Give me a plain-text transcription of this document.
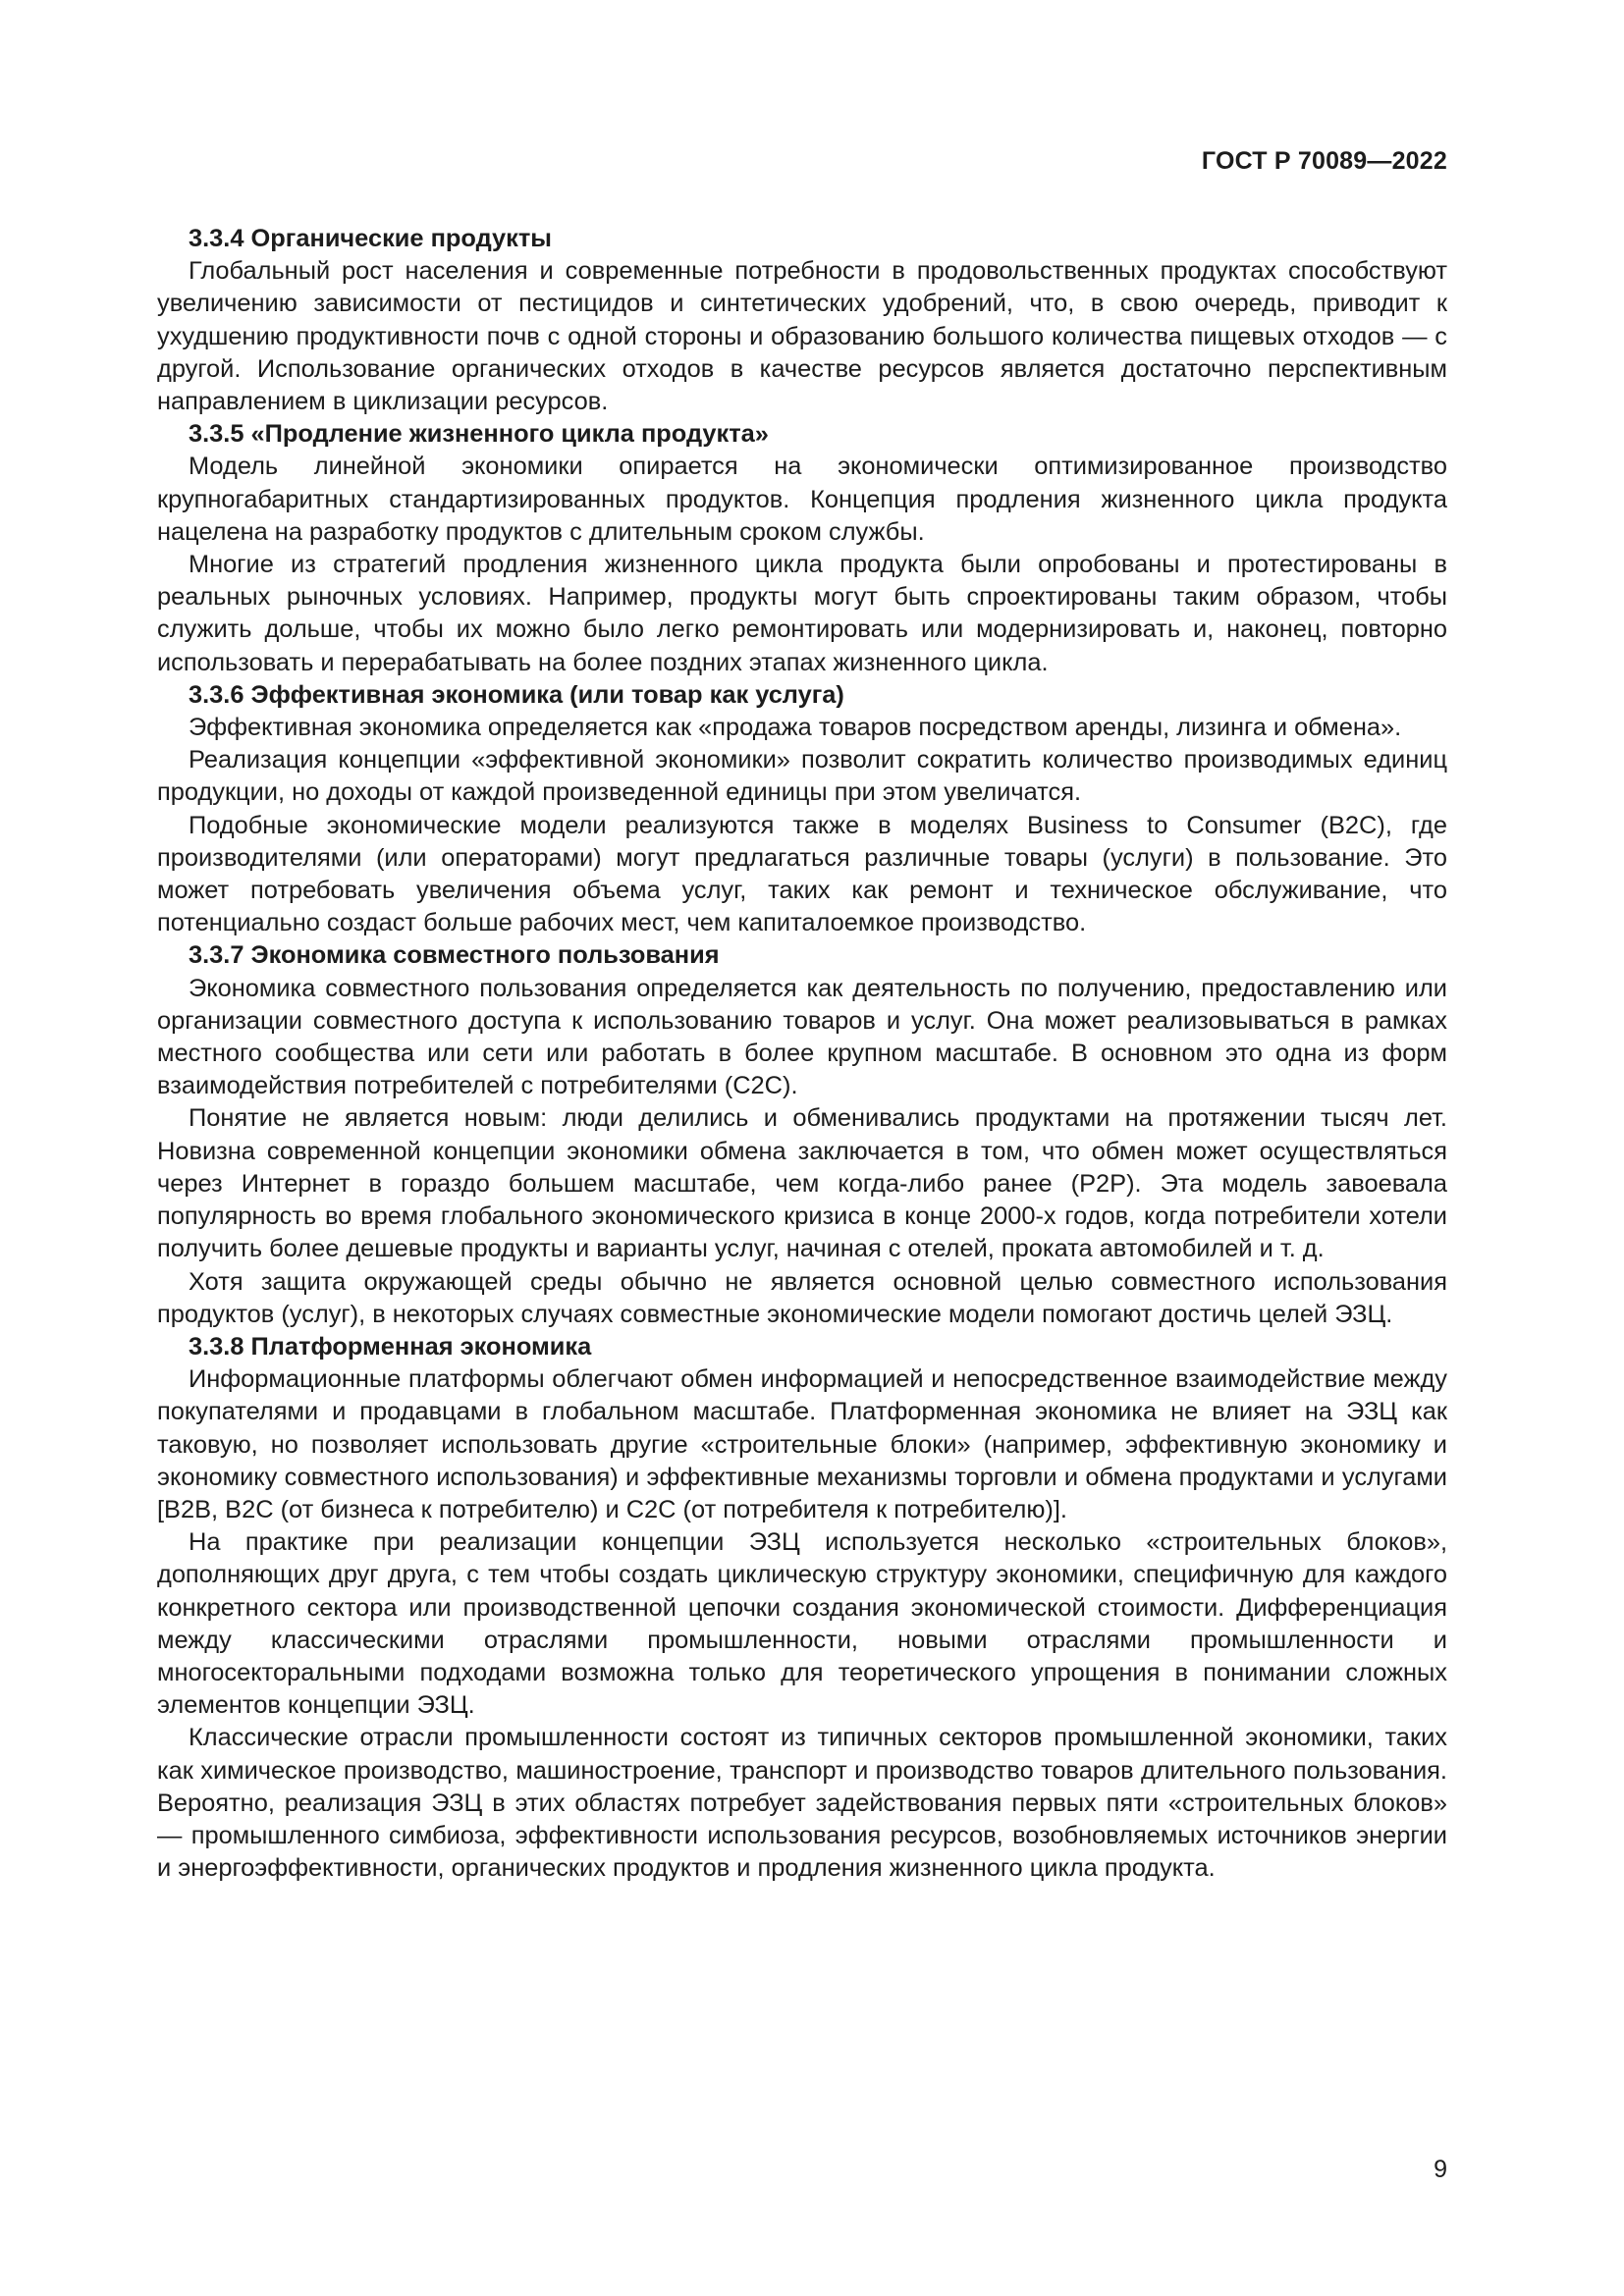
ГОСТ Р 70089—2022
3.3.4 Органические продукты

Глобальный рост населения и современные потребности в продовольственных продуктах способствуют увеличению зависимости от пестицидов и синтетических удобрений, что, в свою очередь, приводит к ухудшению продуктивности почв с одной стороны и образованию большого количества пищевых отходов — с другой. Использование органических отходов в качестве ресурсов является достаточно перспективным направлением в циклизации ресурсов.

3.3.5 «Продление жизненного цикла продукта»

Модель линейной экономики опирается на экономически оптимизированное производство крупногабаритных стандартизированных продуктов. Концепция продления жизненного цикла продукта нацелена на разработку продуктов с длительным сроком службы.

Многие из стратегий продления жизненного цикла продукта были опробованы и протестированы в реальных рыночных условиях. Например, продукты могут быть спроектированы таким образом, чтобы служить дольше, чтобы их можно было легко ремонтировать или модернизировать и, наконец, повторно использовать и перерабатывать на более поздних этапах жизненного цикла.

3.3.6 Эффективная экономика (или товар как услуга)

Эффективная экономика определяется как «продажа товаров посредством аренды, лизинга и обмена».

Реализация концепции «эффективной экономики» позволит сократить количество производимых единиц продукции, но доходы от каждой произведенной единицы при этом увеличатся.

Подобные экономические модели реализуются также в моделях Business to Consumer (B2C), где производителями (или операторами) могут предлагаться различные товары (услуги) в пользование. Это может потребовать увеличения объема услуг, таких как ремонт и техническое обслуживание, что потенциально создаст больше рабочих мест, чем капиталоемкое производство.

3.3.7 Экономика совместного пользования

Экономика совместного пользования определяется как деятельность по получению, предоставлению или организации совместного доступа к использованию товаров и услуг. Она может реализовываться в рамках местного сообщества или сети или работать в более крупном масштабе. В основном это одна из форм взаимодействия потребителей с потребителями (C2C).

Понятие не является новым: люди делились и обменивались продуктами на протяжении тысяч лет. Новизна современной концепции экономики обмена заключается в том, что обмен может осуществляться через Интернет в гораздо большем масштабе, чем когда-либо ранее (P2P). Эта модель завоевала популярность во время глобального экономического кризиса в конце 2000-х годов, когда потребители хотели получить более дешевые продукты и варианты услуг, начиная с отелей, проката автомобилей и т. д.

Хотя защита окружающей среды обычно не является основной целью совместного использования продуктов (услуг), в некоторых случаях совместные экономические модели помогают достичь целей ЭЗЦ.

3.3.8 Платформенная экономика

Информационные платформы облегчают обмен информацией и непосредственное взаимодействие между покупателями и продавцами в глобальном масштабе. Платформенная экономика не влияет на ЭЗЦ как таковую, но позволяет использовать другие «строительные блоки» (например, эффективную экономику и экономику совместного использования) и эффективные механизмы торговли и обмена продуктами и услугами [B2B, B2C (от бизнеса к потребителю) и C2C (от потребителя к потребителю)].

На практике при реализации концепции ЭЗЦ используется несколько «строительных блоков», дополняющих друг друга, с тем чтобы создать циклическую структуру экономики, специфичную для каждого конкретного сектора или производственной цепочки создания экономической стоимости. Дифференциация между классическими отраслями промышленности, новыми отраслями промышленности и многосекторальными подходами возможна только для теоретического упрощения в понимании сложных элементов концепции ЭЗЦ.

Классические отрасли промышленности состоят из типичных секторов промышленной экономики, таких как химическое производство, машиностроение, транспорт и производство товаров длительного пользования. Вероятно, реализация ЭЗЦ в этих областях потребует задействования первых пяти «строительных блоков» — промышленного симбиоза, эффективности использования ресурсов, возобновляемых источников энергии и энергоэффективности, органических продуктов и продления жизненного цикла продукта.

9
